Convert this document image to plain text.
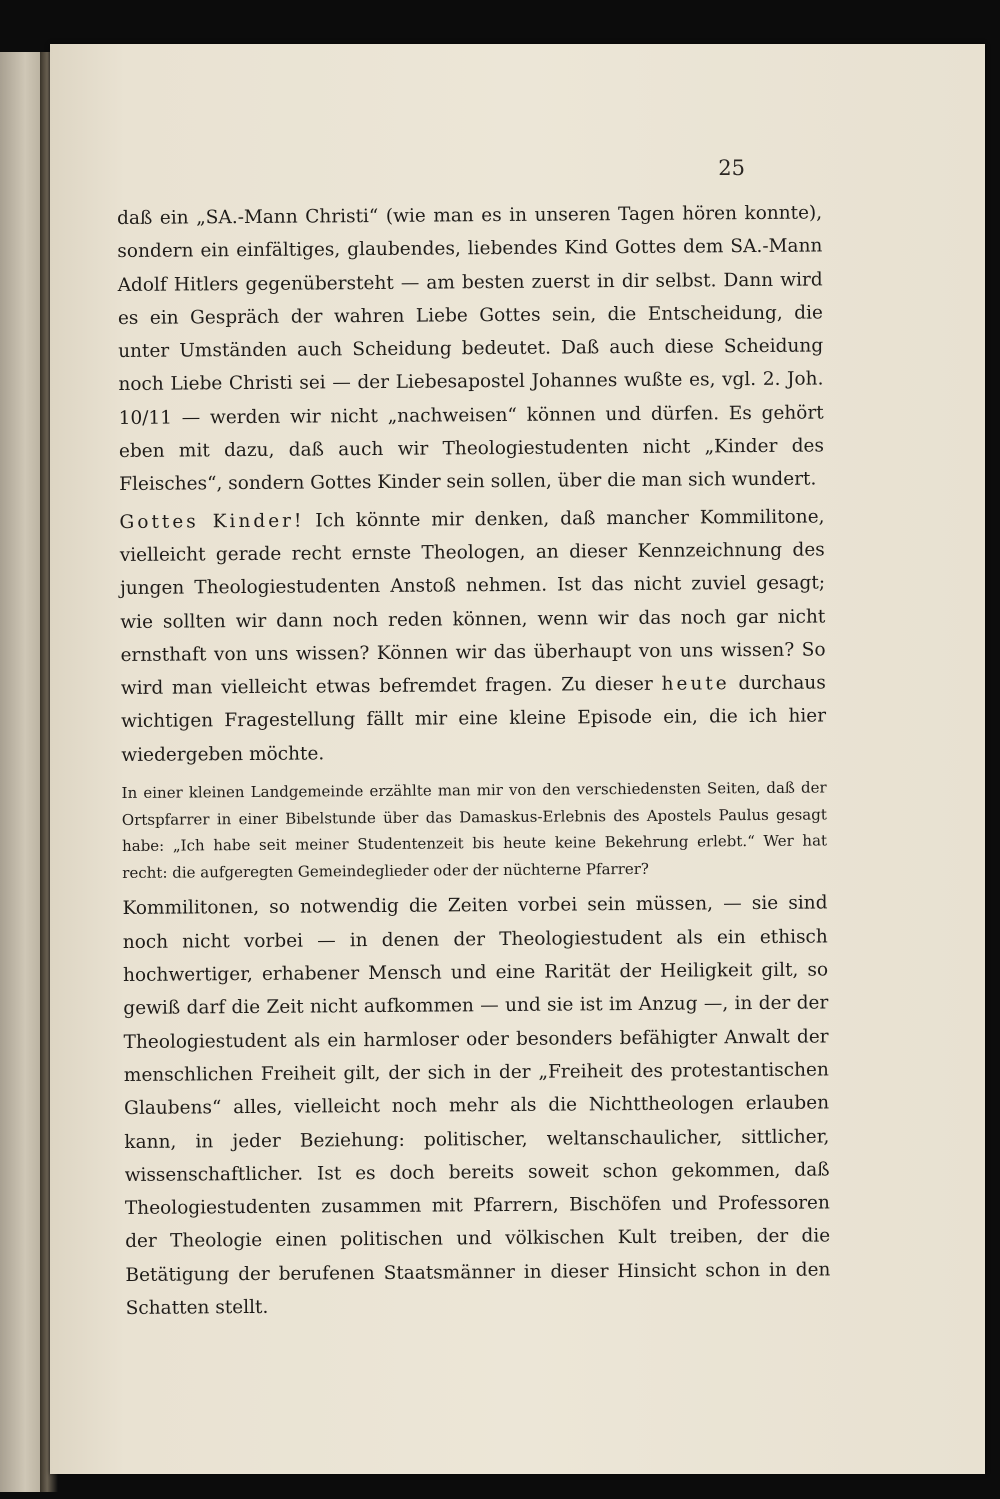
25

daß ein „SA.-Mann Christi“ (wie man es in unseren Tagen hören konnte), sondern ein einfältiges, glaubendes, liebendes Kind Gottes dem SA.-Mann Adolf Hitlers gegenübersteht — am besten zuerst in dir selbst. Dann wird es ein Gespräch der wahren Liebe Gottes sein, die Entscheidung, die unter Umständen auch Scheidung bedeutet. Daß auch diese Scheidung noch Liebe Christi sei — der Liebesapostel Johannes wußte es, vgl. 2. Joh. 10/11 — werden wir nicht „nachweisen“ können und dürfen. Es gehört eben mit dazu, daß auch wir Theologiestudenten nicht „Kinder des Fleisches“, sondern Gottes Kinder sein sollen, über die man sich wundert.

Gottes Kinder! Ich könnte mir denken, daß mancher Kommilitone, vielleicht gerade recht ernste Theologen, an dieser Kennzeichnung des jungen Theologiestudenten Anstoß nehmen. Ist das nicht zuviel gesagt; wie sollten wir dann noch reden können, wenn wir das noch gar nicht ernsthaft von uns wissen? Können wir das überhaupt von uns wissen? So wird man vielleicht etwas befremdet fragen. Zu dieser heute durchaus wichtigen Fragestellung fällt mir eine kleine Episode ein, die ich hier wiedergeben möchte.

In einer kleinen Landgemeinde erzählte man mir von den verschiedensten Seiten, daß der Ortspfarrer in einer Bibelstunde über das Damaskus-Erlebnis des Apostels Paulus gesagt habe: „Ich habe seit meiner Studentenzeit bis heute keine Bekehrung erlebt.“ Wer hat recht: die aufgeregten Gemeindeglieder oder der nüchterne Pfarrer?

Kommilitonen, so notwendig die Zeiten vorbei sein müssen, — sie sind noch nicht vorbei — in denen der Theologiestudent als ein ethisch hochwertiger, erhabener Mensch und eine Rarität der Heiligkeit gilt, so gewiß darf die Zeit nicht aufkommen — und sie ist im Anzug —, in der der Theologiestudent als ein harmloser oder besonders befähigter Anwalt der menschlichen Freiheit gilt, der sich in der „Freiheit des protestantischen Glaubens“ alles, vielleicht noch mehr als die Nichttheologen erlauben kann, in jeder Beziehung: politischer, weltanschaulicher, sittlicher, wissenschaftlicher. Ist es doch bereits soweit schon gekommen, daß Theologiestudenten zusammen mit Pfarrern, Bischöfen und Professoren der Theologie einen politischen und völkischen Kult treiben, der die Betätigung der berufenen Staatsmänner in dieser Hinsicht schon in den Schatten stellt.
